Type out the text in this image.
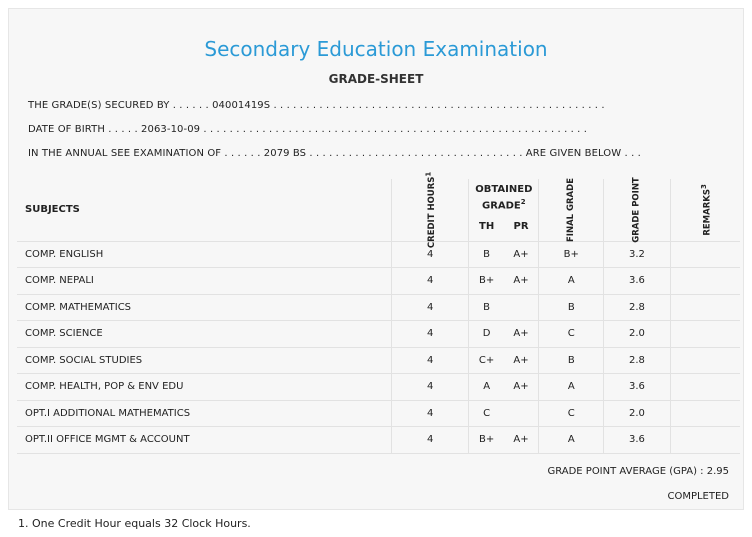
Secondary Education Examination
GRADE-SHEET
THE GRADE(S) SECURED BY . . . . . . 04001419S . . . . . . . . . . . . . . . . . . . . . . . . . . . . . . . . . . . . . . . . . . . . . . . . . . .
DATE OF BIRTH . . . . . 2063-10-09 . . . . . . . . . . . . . . . . . . . . . . . . . . . . . . . . . . . . . . . . . . . . . . . . . . . . . . . . . . .
IN THE ANNUAL SEE EXAMINATION OF . . . . . . 2079 BS . . . . . . . . . . . . . . . . . . . . . . . . . . . . . . . . . ARE GIVEN BELOW . . .
SUBJECTS	CREDIT HOURS$^1$	OBTAINED GRADE$^2$		FINAL GRADE	GRADE POINT	REMARKS$^3$
		TH	PR			
COMP. ENGLISH	4	B	A+	B+	3.2	
COMP. NEPALI	4	B+	A+	A	3.6	
COMP. MATHEMATICS	4	B		B	2.8	
COMP. SCIENCE	4	D	A+	C	2.0	
COMP. SOCIAL STUDIES	4	C+	A+	B	2.8	
COMP. HEALTH, POP & ENV EDU	4	A	A+	A	3.6	
OPT.I ADDITIONAL MATHEMATICS	4	C		C	2.0	
OPT.II OFFICE MGMT & ACCOUNT	4	B+	A+	A	3.6	
GRADE POINT AVERAGE (GPA) : 2.95
COMPLETED
1. One Credit Hour equals 32 Clock Hours.
